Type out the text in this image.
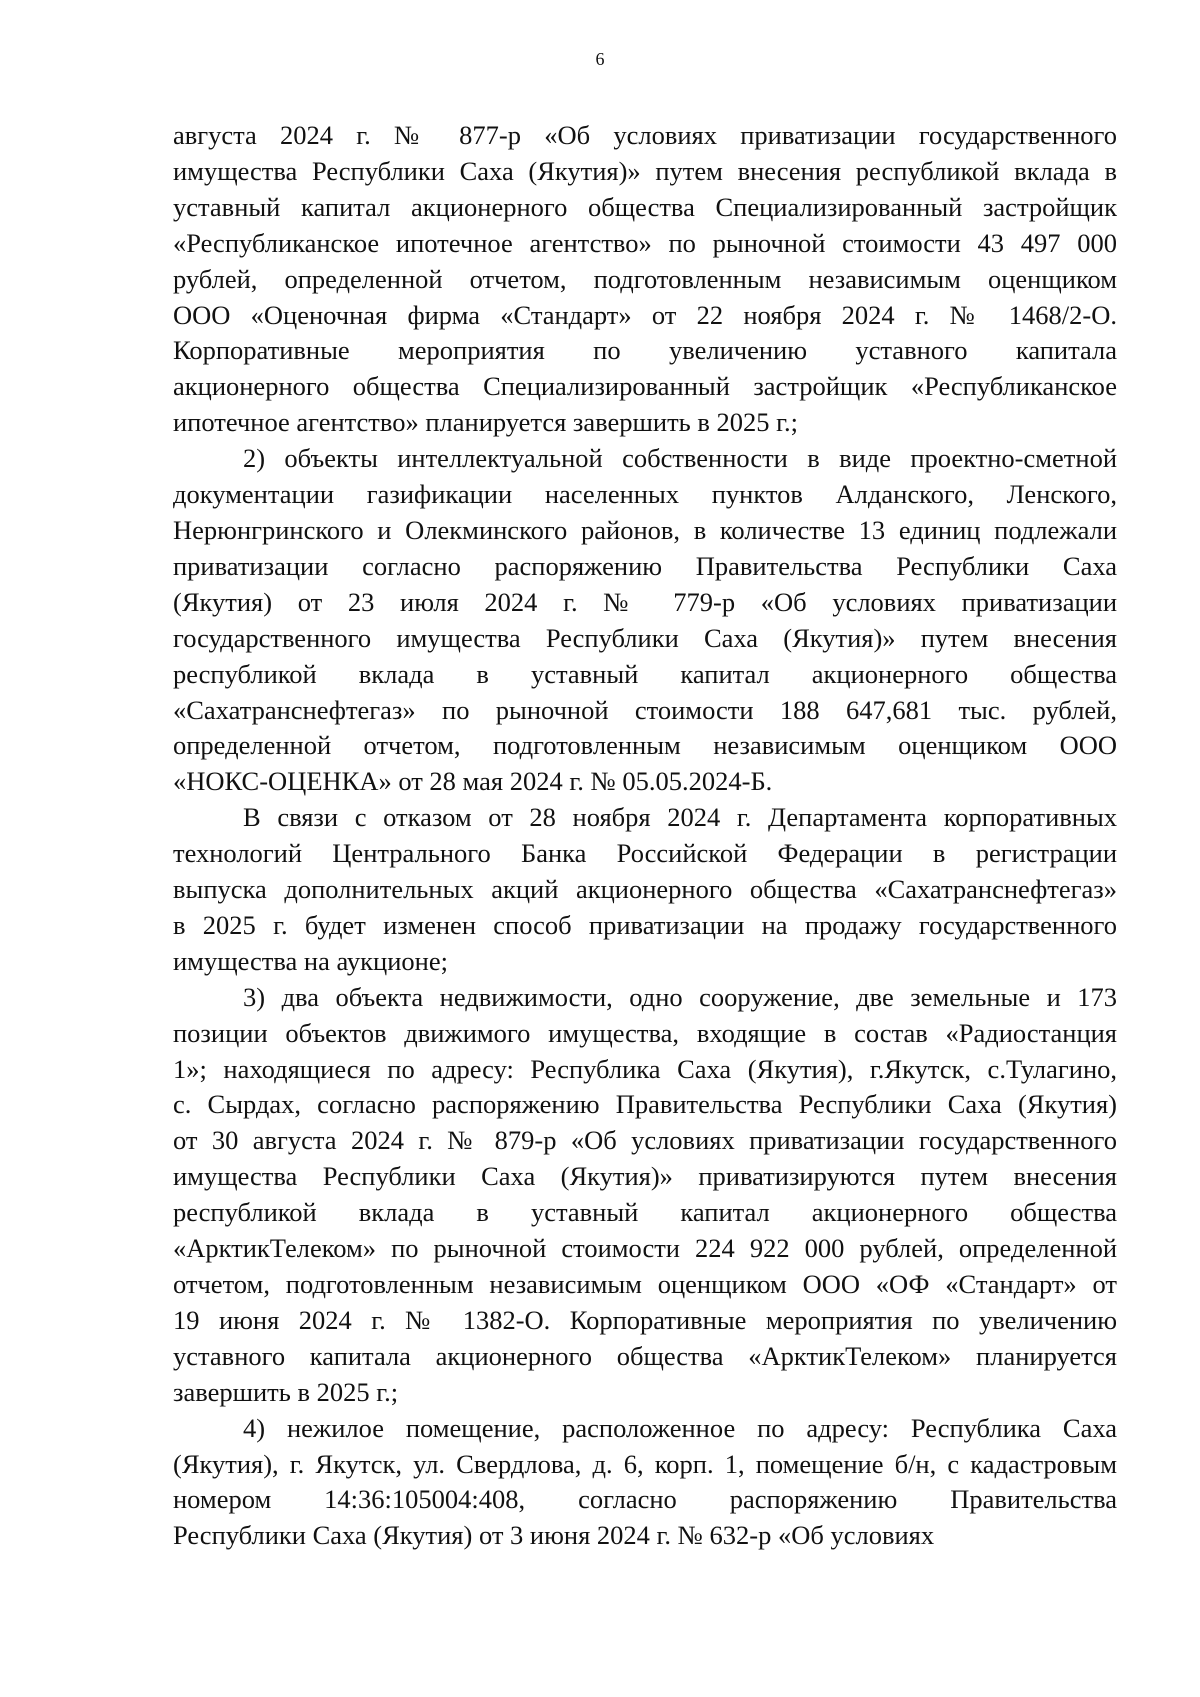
6

августа 2024 г. № 877-р «Об условиях приватизации государственного

имущества Республики Саха (Якутия)» путем внесения республикой вклада в

уставный капитал акционерного общества Специализированный застройщик

«Республиканское ипотечное агентство» по рыночной стоимости 43 497 000

рублей, определенной отчетом, подготовленным независимым оценщиком

ООО «Оценочная фирма «Стандарт» от 22 ноября 2024 г. № 1468/2-О.

Корпоративные мероприятия по увеличению уставного капитала

акционерного общества Специализированный застройщик «Республиканское

ипотечное агентство» планируется завершить в 2025 г.;

2) объекты интеллектуальной собственности в виде проектно-сметной

документации газификации населенных пунктов Алданского, Ленского,

Нерюнгринского и Олекминского районов, в количестве 13 единиц подлежали

приватизации согласно распоряжению Правительства Республики Саха

(Якутия) от 23 июля 2024 г. № 779-р «Об условиях приватизации

государственного имущества Республики Саха (Якутия)» путем внесения

республикой вклада в уставный капитал акционерного общества

«Сахатранснефтегаз» по рыночной стоимости 188 647,681 тыс. рублей,

определенной отчетом, подготовленным независимым оценщиком ООО

«НОКС-ОЦЕНКА» от 28 мая 2024 г. № 05.05.2024-Б.

В связи с отказом от 28 ноября 2024 г. Департамента корпоративных

технологий Центрального Банка Российской Федерации в регистрации

выпуска дополнительных акций акционерного общества «Сахатранснефтегаз»

в 2025 г. будет изменен способ приватизации на продажу государственного

имущества на аукционе;

3) два объекта недвижимости, одно сооружение, две земельные и 173

позиции объектов движимого имущества, входящие в состав «Радиостанция

1»; находящиеся по адресу: Республика Саха (Якутия), г.Якутск, с.Тулагино,

с. Сырдах, согласно распоряжению Правительства Республики Саха (Якутия)

от 30 августа 2024 г. № 879-р «Об условиях приватизации государственного

имущества Республики Саха (Якутия)» приватизируются путем внесения

республикой вклада в уставный капитал акционерного общества

«АрктикТелеком» по рыночной стоимости 224 922 000 рублей, определенной

отчетом, подготовленным независимым оценщиком ООО «ОФ «Стандарт» от

19 июня 2024 г. № 1382-О. Корпоративные мероприятия по увеличению

уставного капитала акционерного общества «АрктикТелеком» планируется

завершить в 2025 г.;

4) нежилое помещение, расположенное по адресу: Республика Саха

(Якутия), г. Якутск, ул. Свердлова, д. 6, корп. 1, помещение б/н, с кадастровым

номером 14:36:105004:408, согласно распоряжению Правительства

Республики Саха (Якутия) от 3 июня 2024 г. № 632-р «Об условиях
